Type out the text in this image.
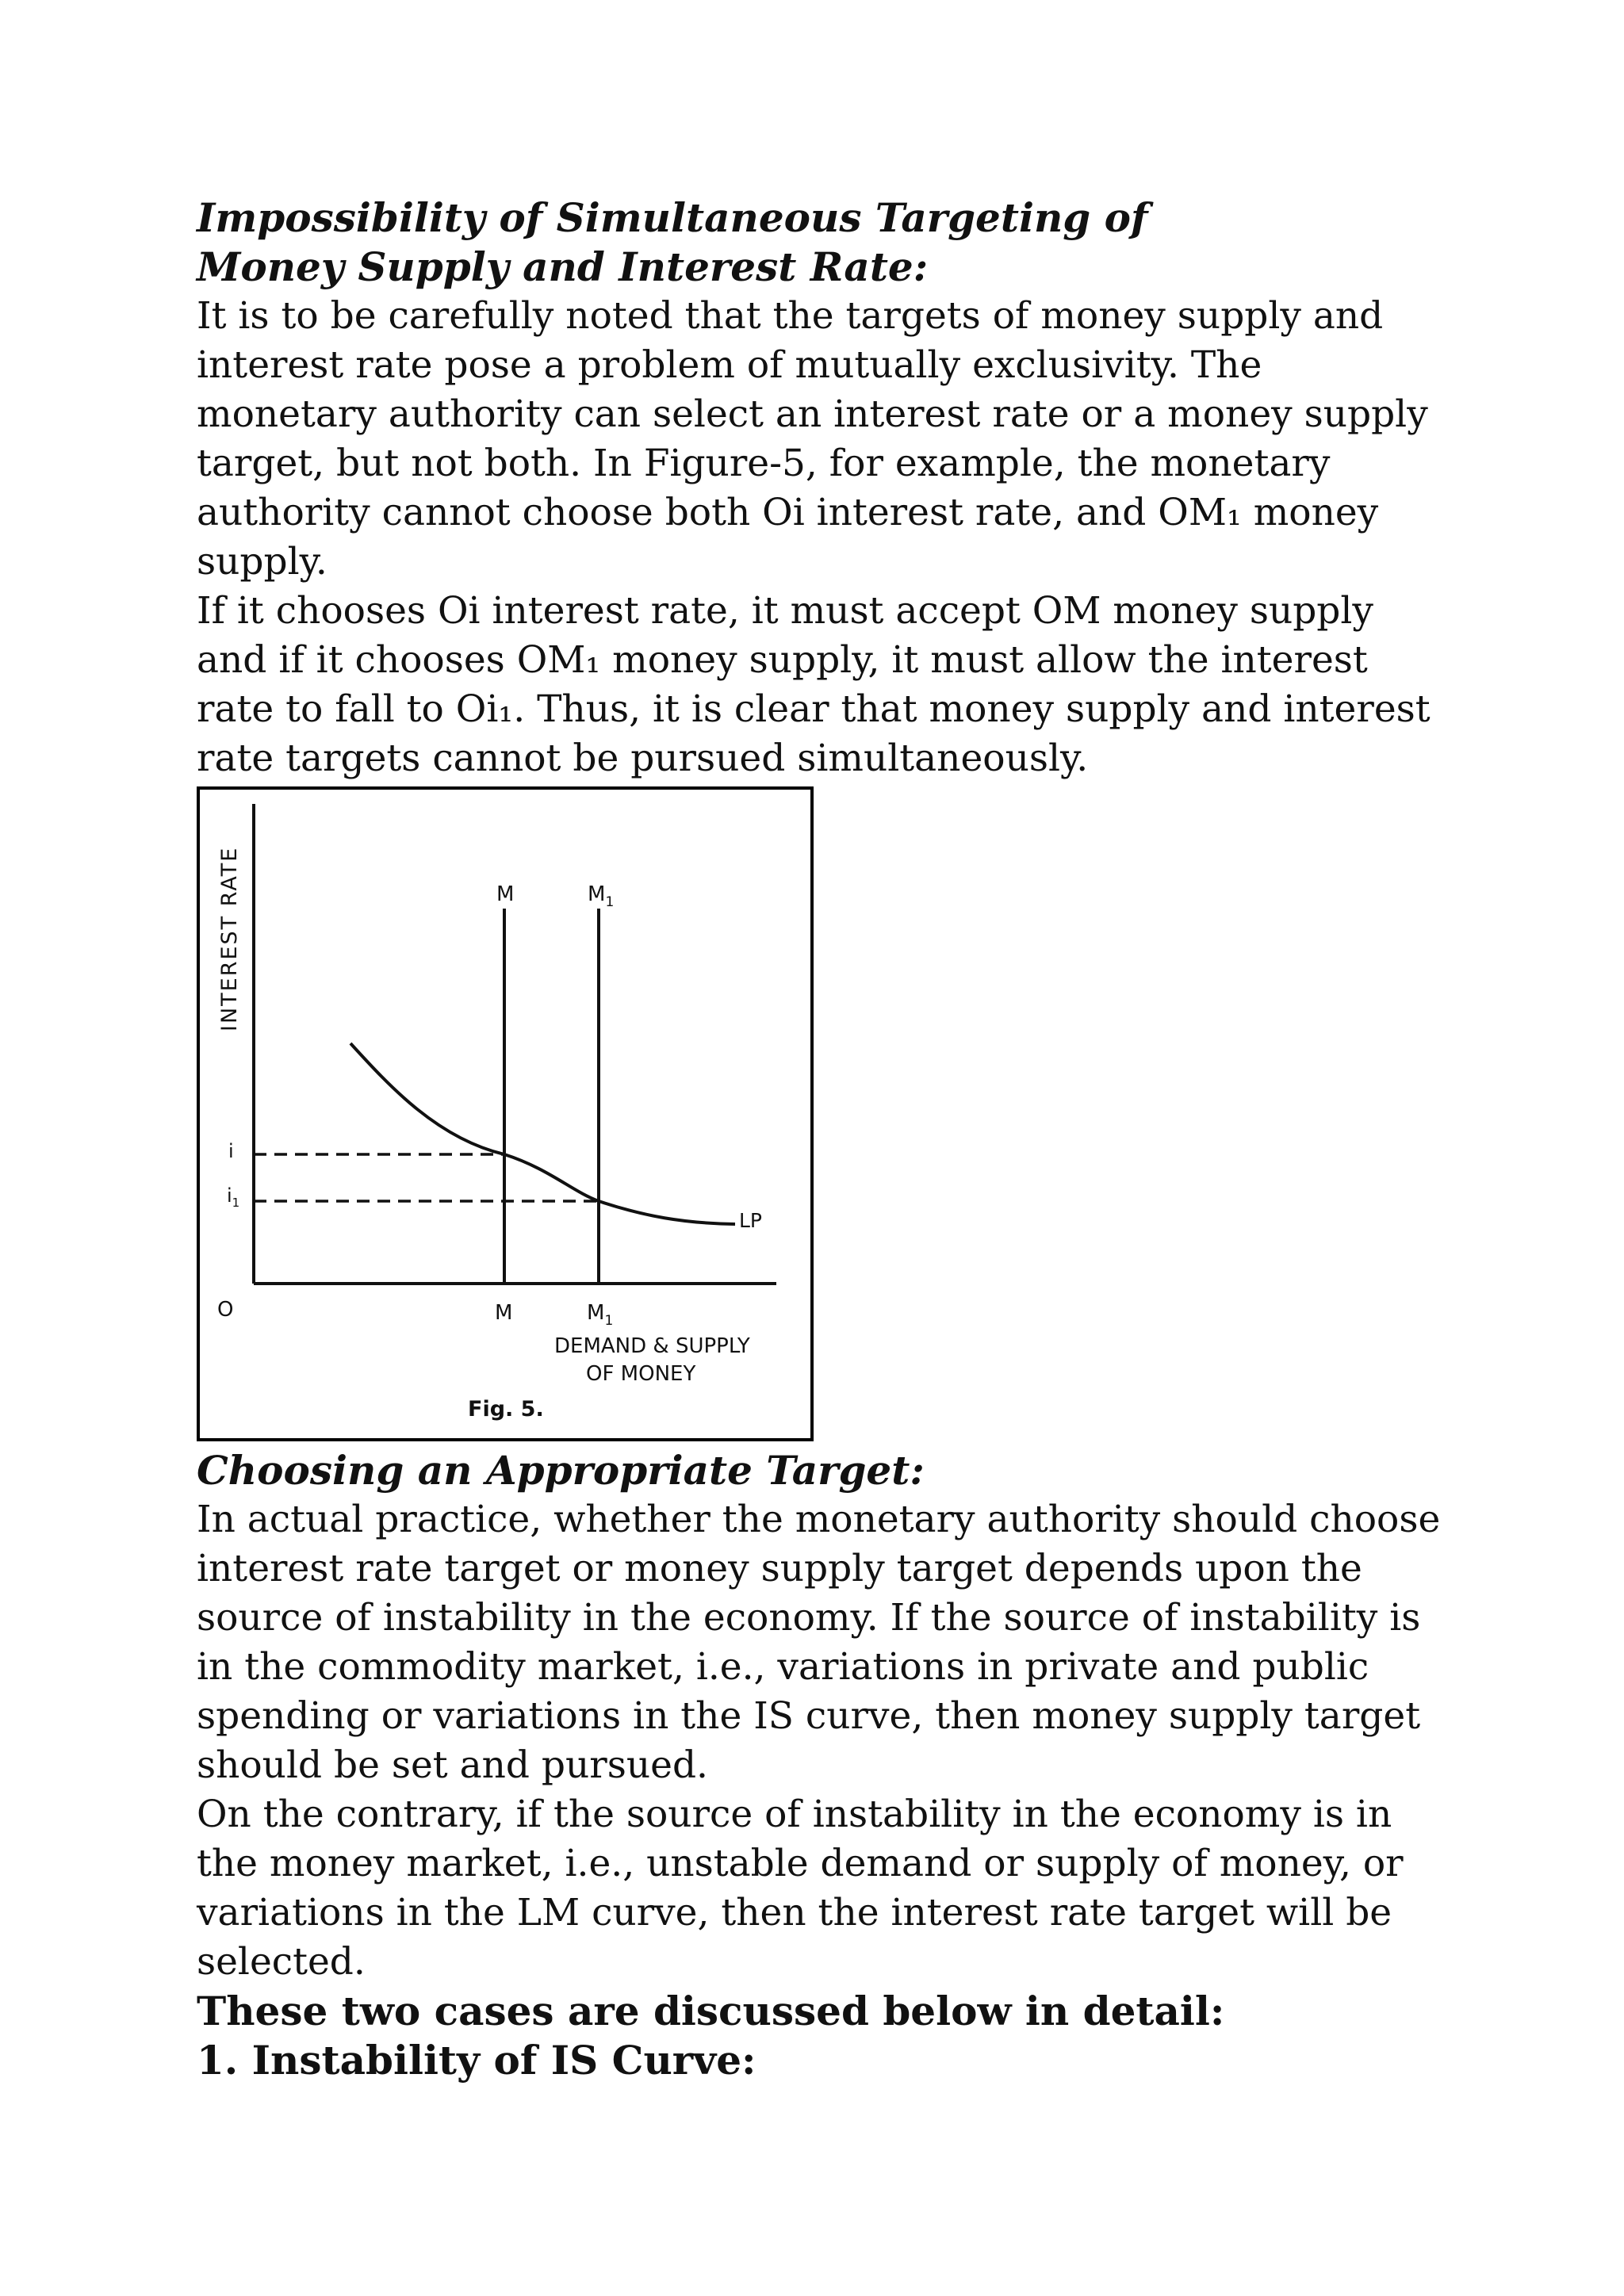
Impossibility of Simultaneous Targeting of Money Supply and Interest Rate:

It is to be carefully noted that the targets of money supply and interest rate pose a problem of mutually exclusivity. The monetary authority can select an interest rate or a money supply target, but not both. In Figure-5, for example, the monetary authority cannot choose both Oi interest rate, and OM₁ money supply.

If it chooses Oi interest rate, it must accept OM money supply and if it chooses OM₁ money supply, it must allow the interest rate to fall to Oi₁. Thus, it is clear that money supply and interest rate targets cannot be pursued simultaneously.

INTEREST RATE	M	$M_1$
LP
i
$i_1$
O	M	$M_1$
DEMAND & SUPPLY
OF MONEY
Fig. 5.

Choosing an Appropriate Target:

In actual practice, whether the monetary authority should choose interest rate target or money supply target depends upon the source of instability in the economy. If the source of instability is in the commodity market, i.e., variations in private and public spending or variations in the IS curve, then money supply target should be set and pursued.

On the contrary, if the source of instability in the economy is in the money market, i.e., unstable demand or supply of money, or variations in the LM curve, then the interest rate target will be selected.

These two cases are discussed below in detail:

1. Instability of IS Curve:
